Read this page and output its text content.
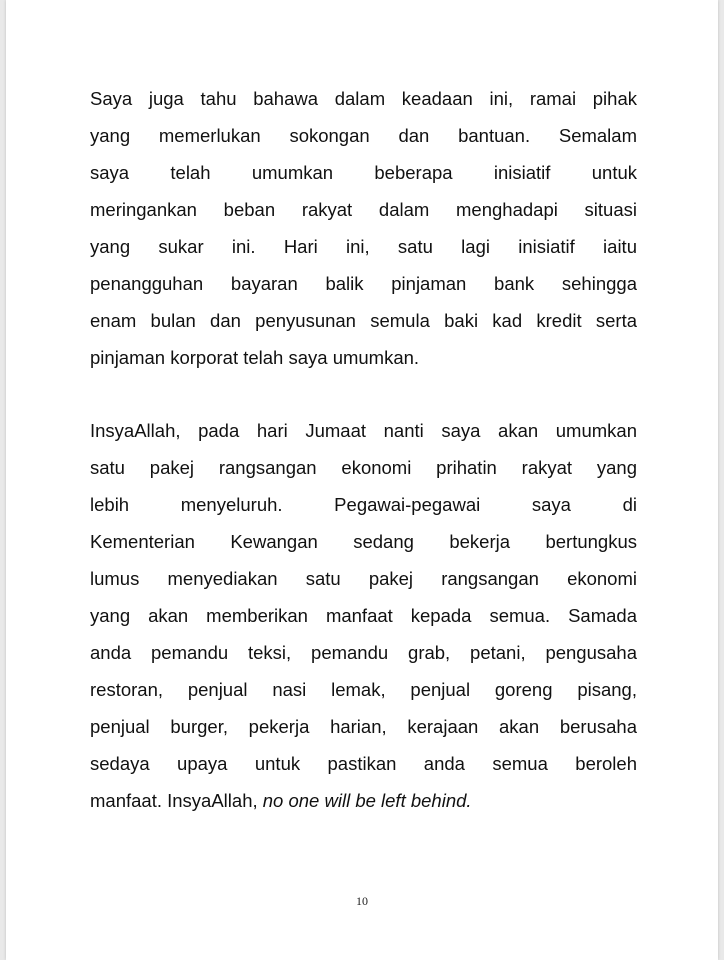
Saya juga tahu bahawa dalam keadaan ini, ramai pihak
yang memerlukan sokongan dan bantuan. Semalam
saya telah umumkan beberapa inisiatif untuk
meringankan beban rakyat dalam menghadapi situasi
yang sukar ini. Hari ini, satu lagi inisiatif iaitu
penangguhan bayaran balik pinjaman bank sehingga
enam bulan dan penyusunan semula baki kad kredit serta
pinjaman korporat telah saya umumkan.

InsyaAllah, pada hari Jumaat nanti saya akan umumkan
satu pakej rangsangan ekonomi prihatin rakyat yang
lebih menyeluruh. Pegawai-pegawai saya di
Kementerian Kewangan sedang bekerja bertungkus
lumus menyediakan satu pakej rangsangan ekonomi
yang akan memberikan manfaat kepada semua. Samada
anda pemandu teksi, pemandu grab, petani, pengusaha
restoran, penjual nasi lemak, penjual goreng pisang,
penjual burger, pekerja harian, kerajaan akan berusaha
sedaya upaya untuk pastikan anda semua beroleh
manfaat. InsyaAllah, no one will be left behind.

10
